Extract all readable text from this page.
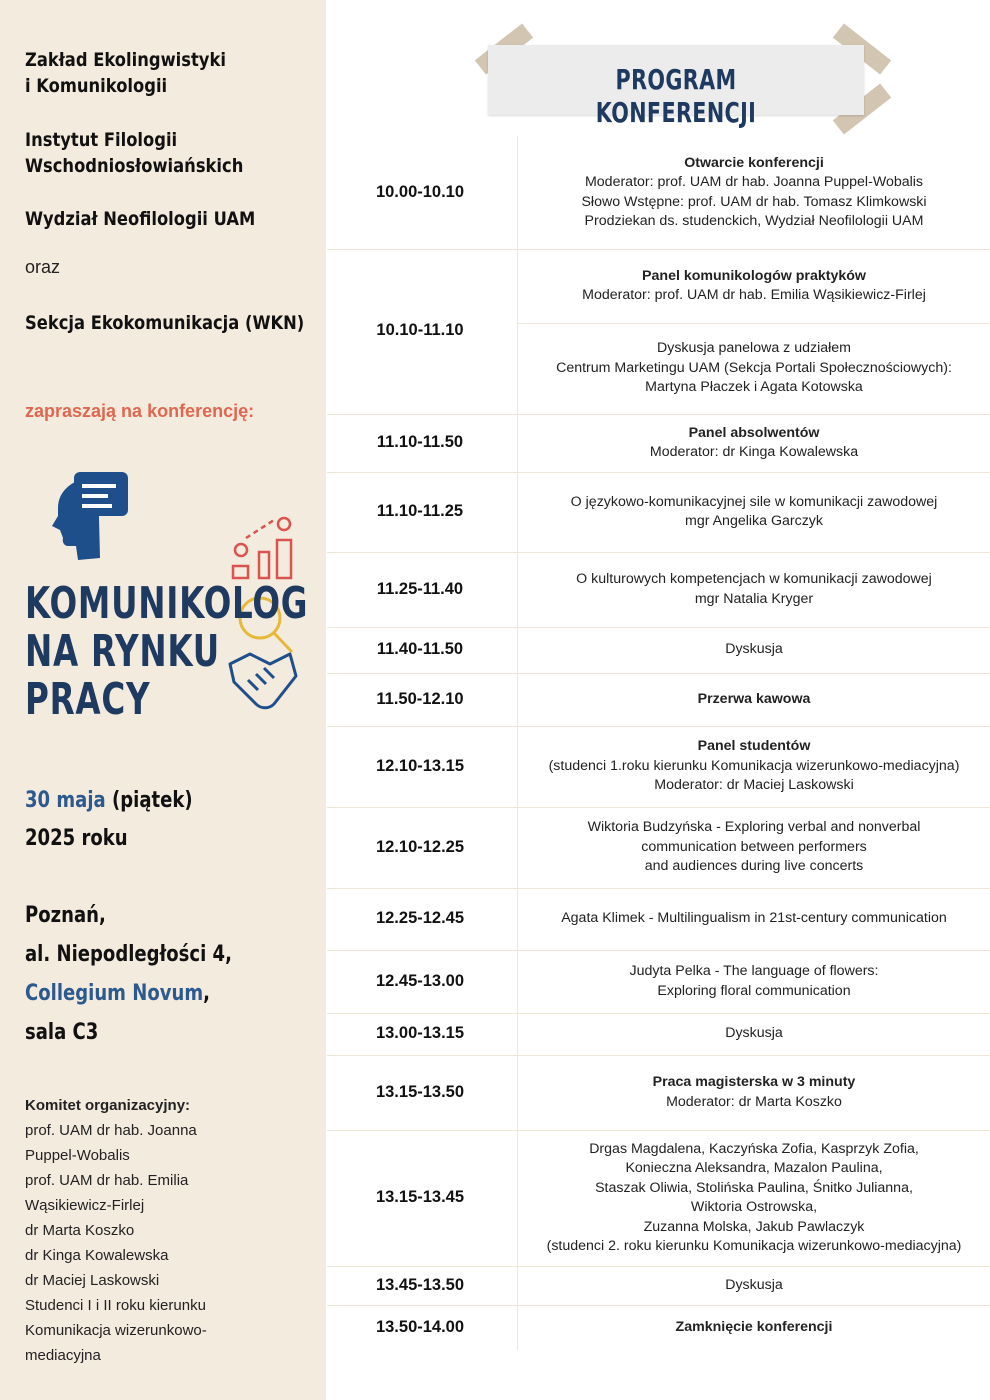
Zakład Ekolingwistyki
i Komunikologii
Instytut Filologii
Wschodniosłowiańskich
Wydział Neofilologii UAM
oraz
Sekcja Ekokomunikacja (WKN)
zapraszają na konferencję:
KOMUNIKOLOG
NA RYNKU
PRACY
30 maja (piątek)
2025 roku
Poznań,
al. Niepodległości 4,
Collegium Novum,
sala C3
Komitet organizacyjny:
prof. UAM dr hab. Joanna
Puppel-Wobalis
prof. UAM dr hab. Emilia
Wąsikiewicz-Firlej
dr Marta Koszko
dr Kinga Kowalewska
dr Maciej Laskowski
Studenci I i II roku kierunku
Komunikacja wizerunkowo-
mediacyjna
PROGRAM KONFERENCJI
Otwarcie konferencji
Moderator: prof. UAM dr hab. Joanna Puppel-Wobalis
Słowo Wstępne: prof. UAM dr hab. Tomasz Klimkowski
Prodziekan ds. studenckich, Wydział Neofilologii UAM
10.00-10.10
Panel komunikologów praktyków
Moderator: prof. UAM dr hab. Emilia Wąsikiewicz-Firlej
10.10-11.10
Dyskusja panelowa z udziałem
Centrum Marketingu UAM (Sekcja Portali Społecznościowych):
Martyna Płaczek i Agata Kotowska
Panel absolwentów
Moderator: dr Kinga Kowalewska
11.10-11.50
O językowo-komunikacyjnej sile w komunikacji zawodowej
mgr Angelika Garczyk
11.10-11.25
O kulturowych kompetencjach w komunikacji zawodowej
mgr Natalia Kryger
11.25-11.40
Dyskusja
11.40-11.50
Przerwa kawowa
11.50-12.10
Panel studentów
(studenci 1.roku kierunku Komunikacja wizerunkowo-mediacyjna)
Moderator: dr Maciej Laskowski
12.10-13.15
Wiktoria Budzyńska - Exploring verbal and nonverbal
communication between performers
and audiences during live concerts
12.10-12.25
Agata Klimek - Multilingualism in 21st-century communication
12.25-12.45
Judyta Pelka - The language of flowers:
Exploring floral communication
12.45-13.00
Dyskusja
13.00-13.15
Praca magisterska w 3 minuty
Moderator: dr Marta Koszko
13.15-13.50
Drgas Magdalena, Kaczyńska Zofia, Kasprzyk Zofia,
Konieczna Aleksandra, Mazalon Paulina,
Staszak Oliwia, Stolińska Paulina, Śnitko Julianna,
Wiktoria Ostrowska,
Zuzanna Molska, Jakub Pawlaczyk
(studenci 2. roku kierunku Komunikacja wizerunkowo-mediacyjna)
13.15-13.45
Dyskusja
13.45-13.50
Zamknięcie konferencji
13.50-14.00
